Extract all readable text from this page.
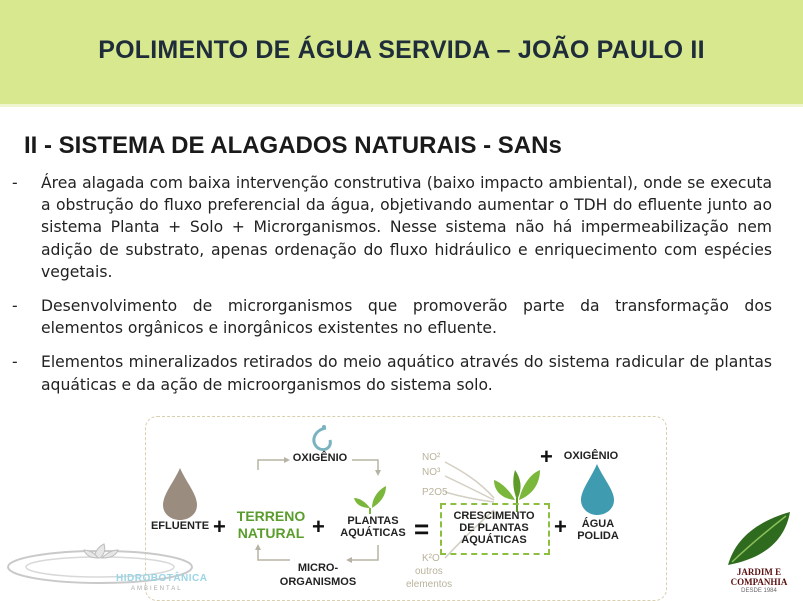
POLIMENTO DE ÁGUA SERVIDA – JOÃO PAULO II
II - SISTEMA DE ALAGADOS NATURAIS - SANs
- Área alagada com baixa intervenção construtiva (baixo impacto ambiental), onde se executa a obstrução do fluxo preferencial da água, objetivando aumentar o TDH do efluente junto ao sistema Planta + Solo + Microrganismos. Nesse sistema não há impermeabilização nem adição de substrato, apenas ordenação do fluxo hidráulico e enriquecimento com espécies vegetais.
- Desenvolvimento de microrganismos que promoverão parte da transformação dos elementos orgânicos e inorgânicos existentes no efluente.
- Elementos mineralizados retirados do meio aquático através do sistema radicular de plantas aquáticas e da ação de microorganismos do sistema solo.
EFLUENTE + TERRENO
NATURAL +
OXIGÊNIO
MICRO-
ORGANISMOS
PLANTAS
AQUÁTICAS =
NO²
NO³
P2O5
K²O
outros
elementos
CRESCIMENTO
DE PLANTAS
AQUÁTICAS
+ OXIGÊNIO
+	ÁGUA
POLIDA
HIDROBOTÂNICA
AMBIENTAL
JARDIM E
COMPANHIA
DESDE 1984
